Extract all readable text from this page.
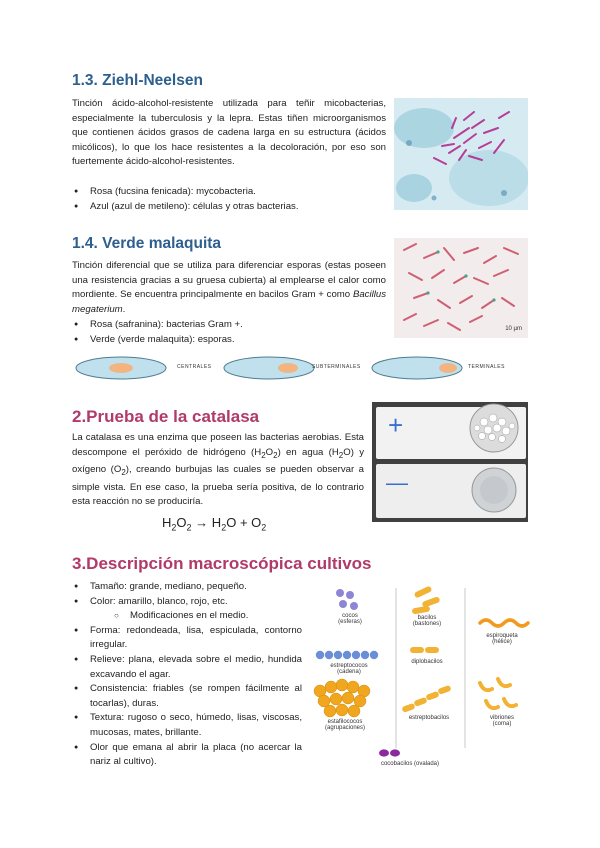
1.3. Ziehl-Neelsen
Tinción ácido-alcohol-resistente utilizada para teñir micobacterias, especialmente la tuberculosis y la lepra. Estas tiñen microorganismos que contienen ácidos grasos de cadena larga en su estructura (ácidos micólicos), lo que los hace resistentes a la decoloración, por eso son fuertemente ácido-alcohol-resistentes.
● Rosa (fucsina fenicada): mycobacteria.
● Azul (azul de metileno): células y otras bacterias.
1.4. Verde malaquita
Tinción diferencial que se utiliza para diferenciar esporas (estas poseen una resistencia gracias a su gruesa cubierta) al emplearse el calor como mordiente. Se encuentra principalmente en bacilos Gram + como Bacillus megaterium.
● Rosa (safranina): bacterias Gram +.
● Verde (verde malaquita): esporas.
10 µm
CENTRALES	SUBTERMINALES	TERMINALES
2.Prueba de la catalasa
La catalasa es una enzima que poseen las bacterias aerobias. Esta descompone el peróxido de hidrógeno $(H_2O_2)$ en agua $(H_2O)$ y oxígeno $(O_2)$, creando burbujas las cuales se pueden observar a simple vista. En ese caso, la prueba sería positiva, de lo contrario esta reacción no se produciría.
$H_2O_2 \to H_2O + O_2$
+
—
3.Descripción macroscópica cultivos
● Tamaño: grande, mediano, pequeño.
● Color: amarillo, blanco, rojo, etc.
○ Modificaciones en el medio.
● Forma: redondeada, lisa, espiculada, contorno irregular.
● Relieve: plana, elevada sobre el medio, hundida excavando el agar.
● Consistencia: friables (se rompen fácilmente al tocarlas), duras.
● Textura: rugoso o seco, húmedo, lisas, viscosas, mucosas, mates, brillante.
● Olor que emana al abrir la placa (no acercar la nariz al cultivo).
cocos
(esferas)
bacilos
(bastones)
espiroqueta
(hélice)
estreptococos
(cadena)
diplobacilos
estafilococos
(agrupaciones)
estreptobacilos	vibriones
(coma)
cocobacilos (ovalada)
